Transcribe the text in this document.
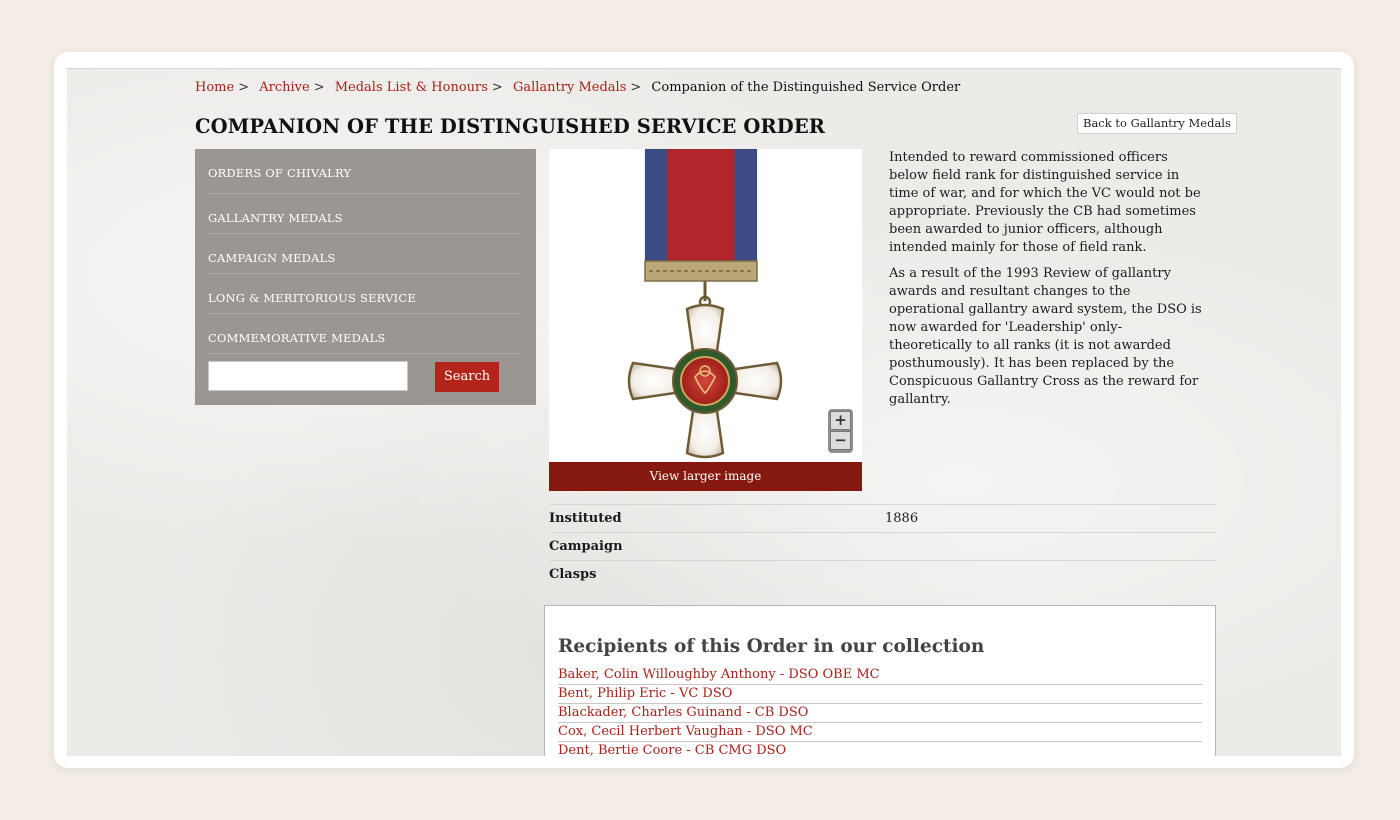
Home > Archive > Medals List & Honours > Gallantry Medals > Companion of the Distinguished Service Order
COMPANION OF THE DISTINGUISHED SERVICE ORDER	Back to Gallantry Medals
ORDERS OF CHIVALRY
GALLANTRY MEDALS
CAMPAIGN MEDALS
LONG & MERITORIOUS SERVICE
COMMEMORATIVE MEDALS
Search
+
−
View larger image

Intended to reward commissioned officers below field rank for distinguished service in time of war, and for which the VC would not be appropriate. Previously the CB had sometimes been awarded to junior officers, although intended mainly for those of field rank.

As a result of the 1993 Review of gallantry awards and resultant changes to the operational gallantry award system, the DSO is now awarded for 'Leadership' only- theoretically to all ranks (it is not awarded posthumously). It has been replaced by the Conspicuous Gallantry Cross as the reward for gallantry.

Instituted	1886
Campaign
Clasps
Recipients of this Order in our collection
Baker, Colin Willoughby Anthony - DSO OBE MC
Bent, Philip Eric - VC DSO
Blackader, Charles Guinand - CB DSO
Cox, Cecil Herbert Vaughan - DSO MC
Dent, Bertie Coore - CB CMG DSO
